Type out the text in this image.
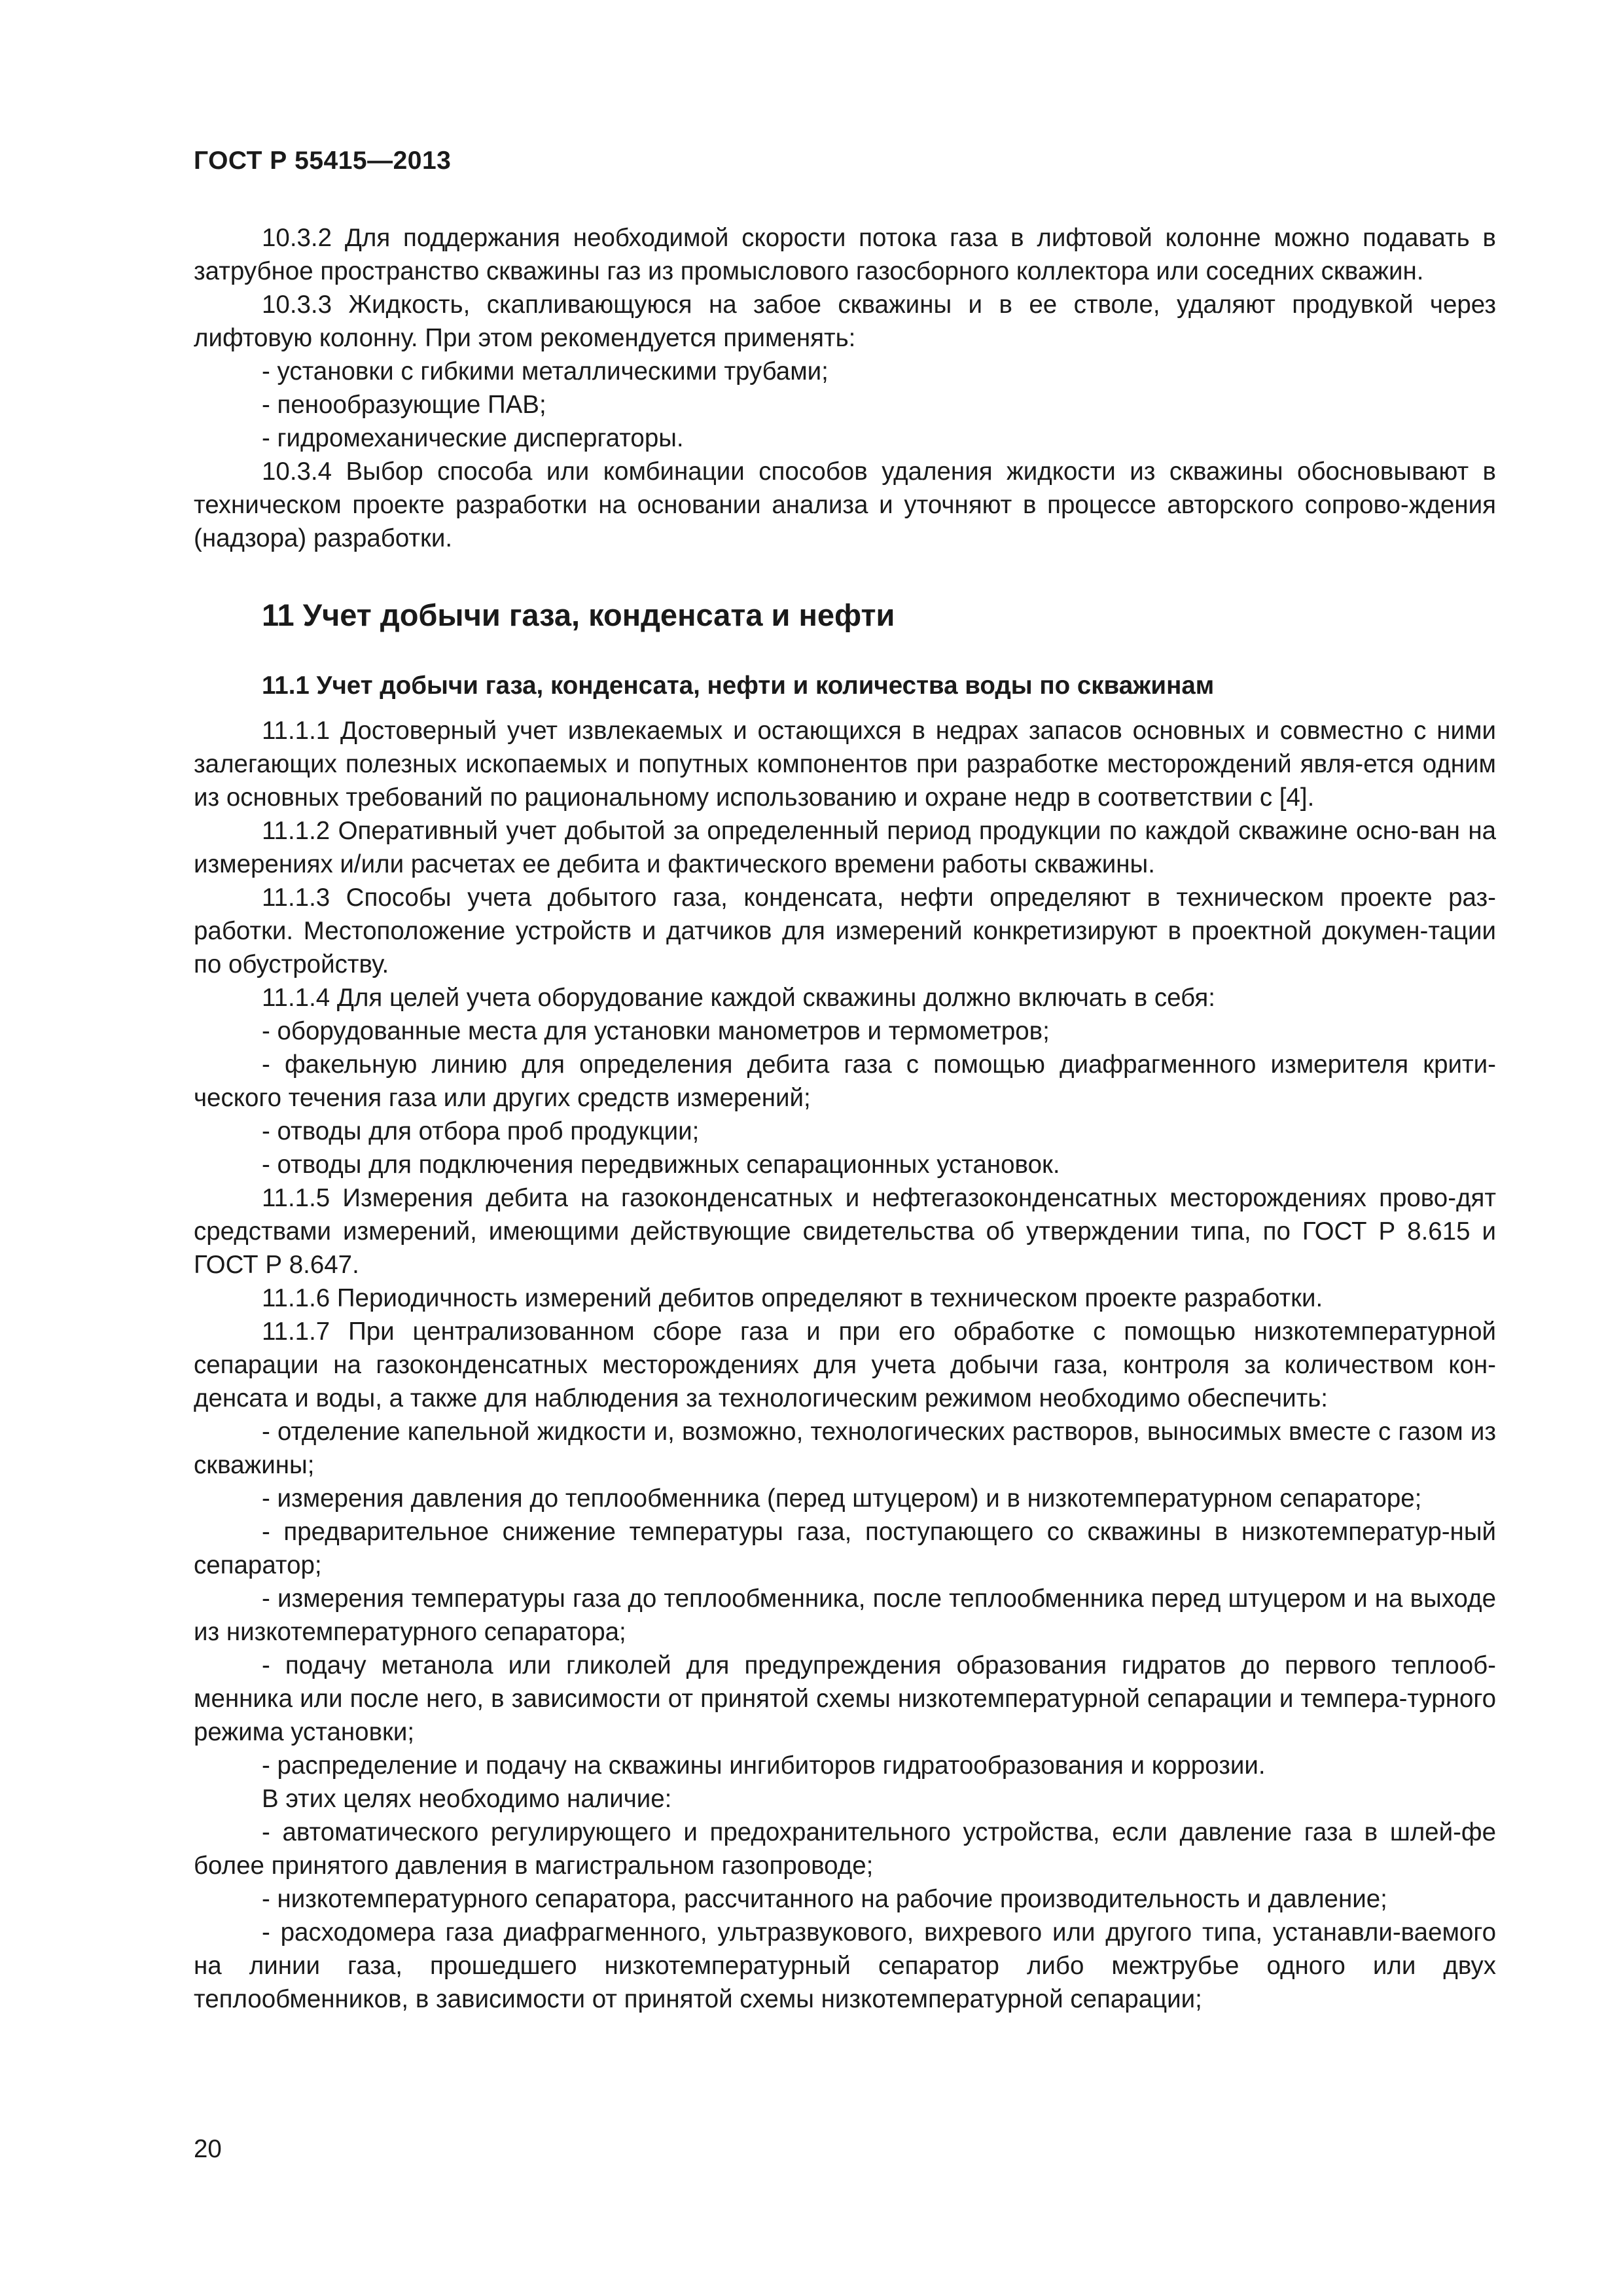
ГОСТ Р 55415—2013

10.3.2 Для поддержания необходимой скорости потока газа в лифтовой колонне можно подавать в затрубное пространство скважины газ из промыслового газосборного коллектора или соседних скважин.

10.3.3 Жидкость, скапливающуюся на забое скважины и в ее стволе, удаляют продувкой через лифтовую колонну. При этом рекомендуется применять:

- установки с гибкими металлическими трубами;

- пенообразующие ПАВ;

- гидромеханические диспергаторы.

10.3.4 Выбор способа или комбинации способов удаления жидкости из скважины обосновывают в техническом проекте разработки на основании анализа и уточняют в процессе авторского сопрово-ждения (надзора) разработки.

11 Учет добычи газа, конденсата и нефти
11.1 Учет добычи газа, конденсата, нефти и количества воды по скважинам

11.1.1 Достоверный учет извлекаемых и остающихся в недрах запасов основных и совместно с ними залегающих полезных ископаемых и попутных компонентов при разработке месторождений явля-ется одним из основных требований по рациональному использованию и охране недр в соответствии с [4].

11.1.2 Оперативный учет добытой за определенный период продукции по каждой скважине осно-ван на измерениях и/или расчетах ее дебита и фактического времени работы скважины.

11.1.3 Способы учета добытого газа, конденсата, нефти определяют в техническом проекте раз-работки. Местоположение устройств и датчиков для измерений конкретизируют в проектной докумен-тации по обустройству.

11.1.4 Для целей учета оборудование каждой скважины должно включать в себя:

- оборудованные места для установки манометров и термометров;

- факельную линию для определения дебита газа с помощью диафрагменного измерителя крити-ческого течения газа или других средств измерений;

- отводы для отбора проб продукции;

- отводы для подключения передвижных сепарационных установок.

11.1.5 Измерения дебита на газоконденсатных и нефтегазоконденсатных месторождениях прово-дят средствами измерений, имеющими действующие свидетельства об утверждении типа, по ГОСТ Р 8.615 и ГОСТ Р 8.647.

11.1.6 Периодичность измерений дебитов определяют в техническом проекте разработки.

11.1.7 При централизованном сборе газа и при его обработке с помощью низкотемпературной сепарации на газоконденсатных месторождениях для учета добычи газа, контроля за количеством кон-денсата и воды, а также для наблюдения за технологическим режимом необходимо обеспечить:

- отделение капельной жидкости и, возможно, технологических растворов, выносимых вместе с газом из скважины;

- измерения давления до теплообменника (перед штуцером) и в низкотемпературном сепараторе;

- предварительное снижение температуры газа, поступающего со скважины в низкотемператур-ный сепаратор;

- измерения температуры газа до теплообменника, после теплообменника перед штуцером и на выходе из низкотемпературного сепаратора;

- подачу метанола или гликолей для предупреждения образования гидратов до первого теплооб-менника или после него, в зависимости от принятой схемы низкотемпературной сепарации и темпера-турного режима установки;

- распределение и подачу на скважины ингибиторов гидратообразования и коррозии.

В этих целях необходимо наличие:

- автоматического регулирующего и предохранительного устройства, если давление газа в шлей-фе более принятого давления в магистральном газопроводе;

- низкотемпературного сепаратора, рассчитанного на рабочие производительность и давление;

- расходомера газа диафрагменного, ультразвукового, вихревого или другого типа, устанавли-ваемого на линии газа, прошедшего низкотемпературный сепаратор либо межтрубье одного или двух теплообменников, в зависимости от принятой схемы низкотемпературной сепарации;

20
